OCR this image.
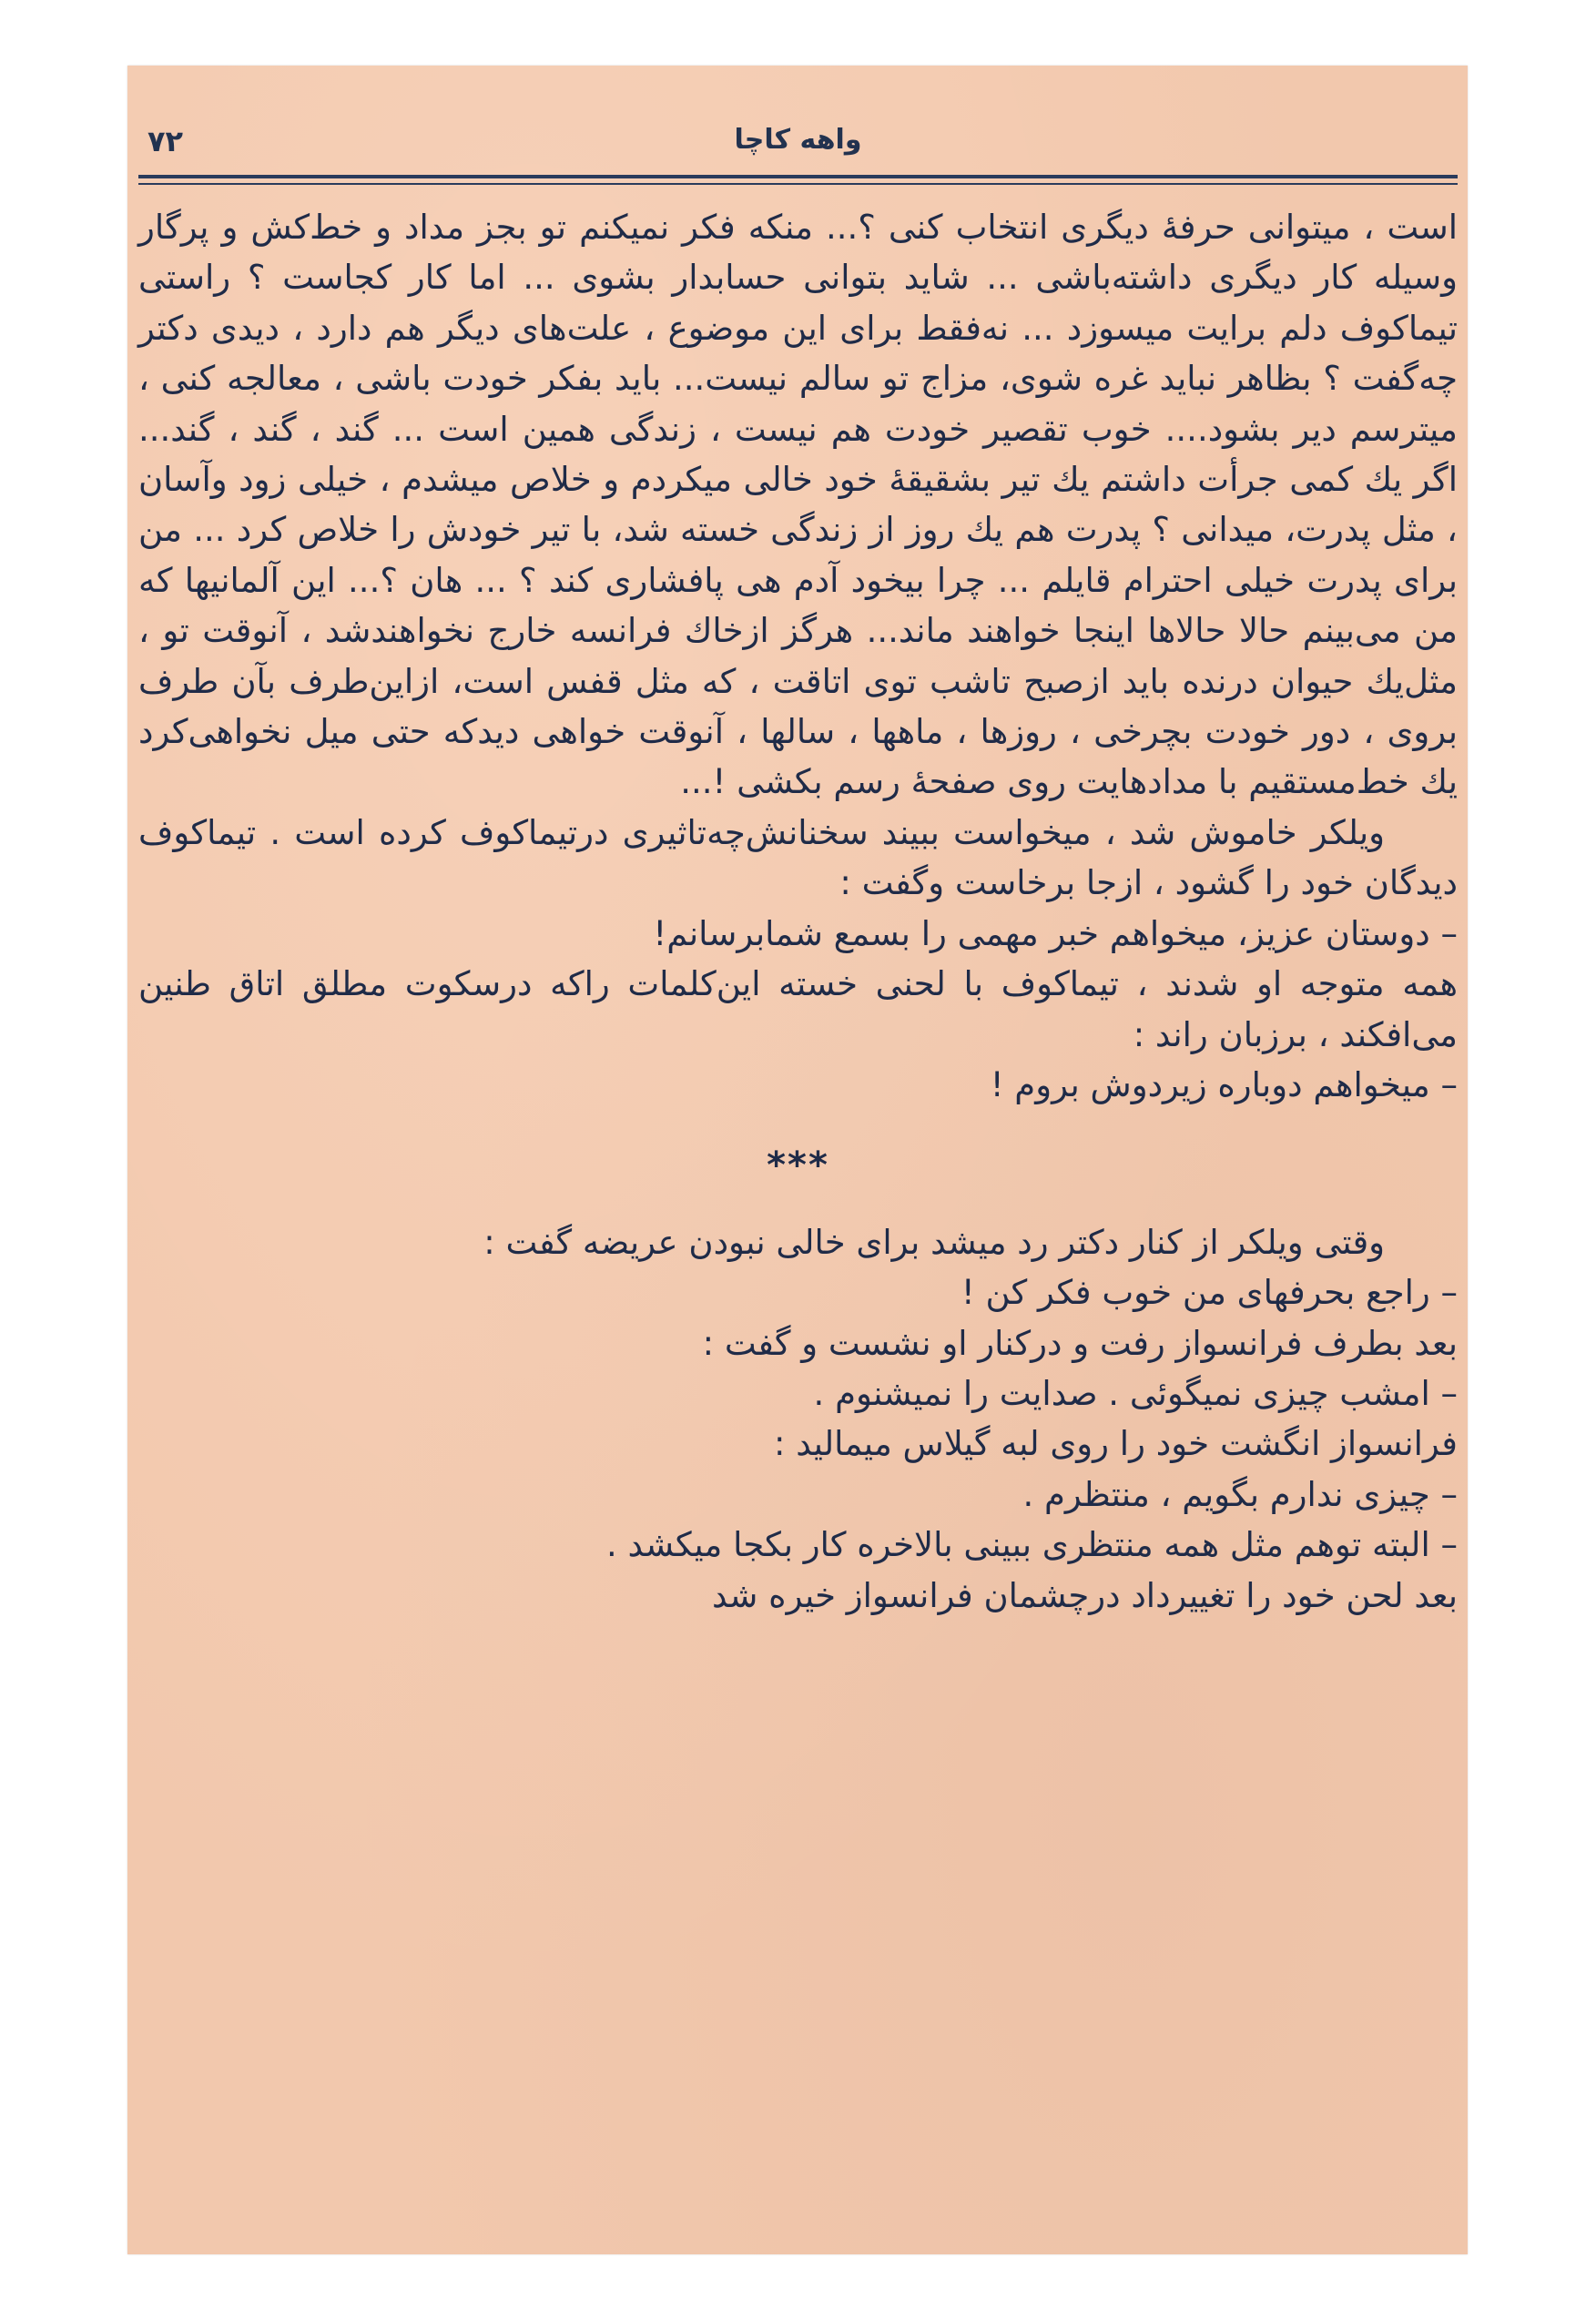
واهه کاچا
۷۲

است ، میتوانی حرفهٔ دیگری انتخاب کنی ؟... منکه فکر نمیکنم تو بجز مداد و خط‌کش و پرگار وسیله کار دیگری داشته‌باشی ... شاید بتوانی حسابدار بشوی ... اما کار کجاست ؟ راستی تیماکوف دلم برایت میسوزد ... نه‌فقط برای این موضوع ، علت‌های دیگر هم دارد ، دیدی دکتر چه‌گفت ؟ بظاهر نباید غره شوی، مزاج تو سالم نیست... باید بفکر خودت باشی ، معالجه کنی ، میترسم دیر بشود.... خوب تقصیر خودت هم نیست ، زندگی همین است ... گند ، گند ، گند... اگر یك کمی جرأت داشتم یك تیر بشقیقهٔ خود خالی میکردم و خلاص میشدم ، خیلی زود وآسان ، مثل پدرت، میدانی ؟ پدرت هم یك روز از زندگی خسته شد، با تیر خودش را خلاص کرد ... من برای پدرت خیلی احترام قایلم ... چرا بیخود آدم هی پافشاری کند ؟ ... هان ؟... این آلمانیها که من می‌بینم حالا حالاها اینجا خواهند ماند... هرگز ازخاك فرانسه خارج نخواهندشد ، آنوقت تو ، مثل‌یك حیوان درنده باید ازصبح تاشب توی اتاقت ، که مثل قفس است، ازاین‌طرف بآن طرف بروی ، دور خودت بچرخی ، روزها ، ماهها ، سالها ، آنوقت خواهی دیدکه حتی میل نخواهی‌کرد یك خط‌مستقیم با مدادهایت روی صفحهٔ رسم بکشی !...

ویلکر خاموش شد ، میخواست ببیند سخنانش‌چه‌تاثیری درتیماکوف کرده است . تیماکوف دیدگان خود را گشود ، ازجا برخاست وگفت :

– دوستان عزیز، میخواهم خبر مهمی را بسمع شمابرسانم!

همه متوجه او شدند ، تیماکوف با لحنی خسته این‌کلمات راکه درسکوت مطلق اتاق طنین می‌افکند ، برزبان راند :

– میخواهم دوباره زیردوش بروم !

***

وقتی ویلکر از کنار دکتر رد میشد برای خالی نبودن عریضه گفت :

– راجع بحرفهای من خوب فکر کن !

بعد بطرف فرانسواز رفت و درکنار او نشست و گفت :

– امشب چیزی نمیگوئی . صدایت را نمیشنوم .

فرانسواز انگشت خود را روی لبه گیلاس میمالید :

– چیزی ندارم بگویم ، منتظرم .

– البته توهم مثل همه منتظری ببینی بالاخره کار بکجا میکشد .

بعد لحن خود را تغییرداد درچشمان فرانسواز خیره شد
